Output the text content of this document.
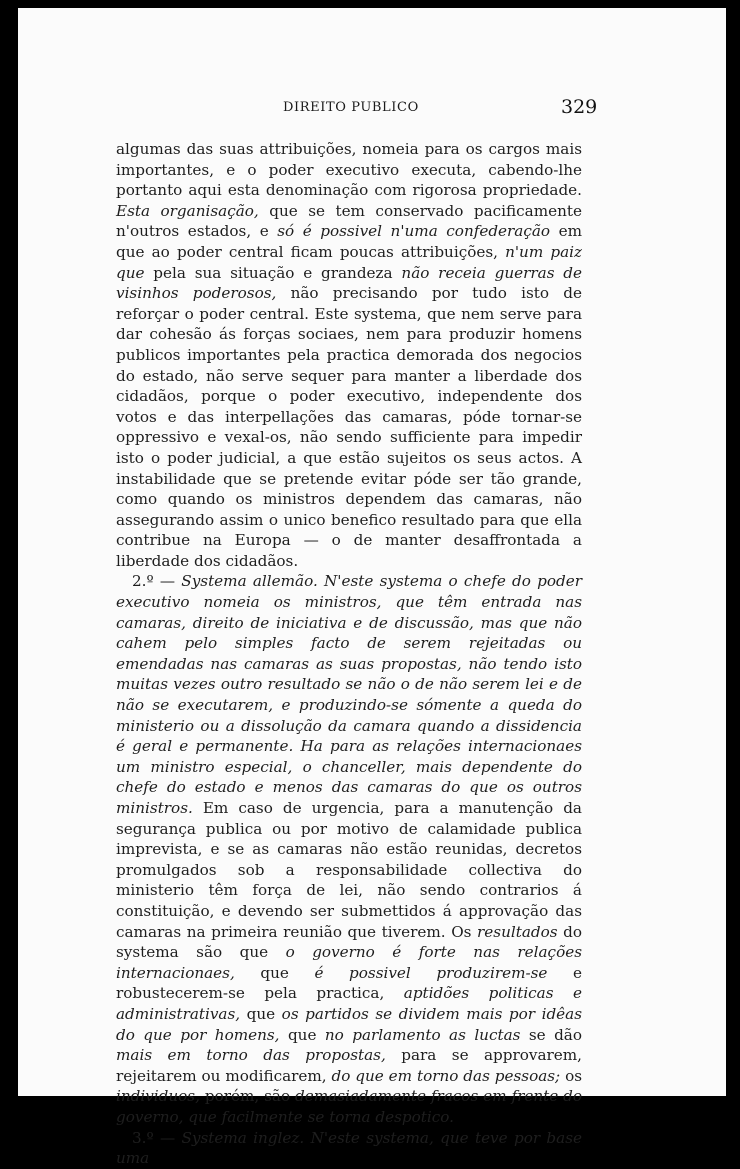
DIREITO PUBLICO	329

algumas das suas attribuições, nomeia para os cargos mais importantes, e o poder executivo executa, cabendo-lhe portanto aqui esta denominação com rigorosa propriedade. Esta organisação, que se tem conservado pacificamente n'outros estados, e só é possivel n'uma confederação em que ao poder central ficam poucas attribuições, n'um paiz que pela sua situação e grandeza não receia guerras de visinhos poderosos, não precisando por tudo isto de reforçar o poder central. Este systema, que nem serve para dar cohesão ás forças sociaes, nem para produzir homens publicos importantes pela practica demorada dos negocios do estado, não serve sequer para manter a liberdade dos cidadãos, porque o poder executivo, independente dos votos e das interpellações das camaras, póde tornar-se oppressivo e vexal-os, não sendo sufficiente para impedir isto o poder judicial, a que estão sujeitos os seus actos. A instabilidade que se pretende evitar póde ser tão grande, como quando os ministros dependem das camaras, não assegurando assim o unico benefico resultado para que ella contribue na Europa — o de manter desaffrontada a liberdade dos cidadãos.

2.º — Systema allemão. N'este systema o chefe do poder executivo nomeia os ministros, que têm entrada nas camaras, direito de iniciativa e de discussão, mas que não cahem pelo simples facto de serem rejeitadas ou emendadas nas camaras as suas propostas, não tendo isto muitas vezes outro resultado se não o de não serem lei e de não se executarem, e produzindo-se sómente a queda do ministerio ou a dissolução da camara quando a dissidencia é geral e permanente. Ha para as relações internacionaes um ministro especial, o chanceller, mais dependente do chefe do estado e menos das camaras do que os outros ministros. Em caso de urgencia, para a manutenção da segurança publica ou por motivo de calamidade publica imprevista, e se as camaras não estão reunidas, decretos promulgados sob a responsabilidade collectiva do ministerio têm força de lei, não sendo contrarios á constituição, e devendo ser submettidos á approvação das camaras na primeira reunião que tiverem. Os resultados do systema são que o governo é forte nas relações internacionaes, que é possivel produzirem-se e robustecerem-se pela practica, aptidões politicas e administrativas, que os partidos se dividem mais por idêas do que por homens, que no parlamento as luctas se dão mais em torno das propostas, para se approvarem, rejeitarem ou modificarem, do que em torno das pessoas; os individuos, porém, são demasiadamente fracos em frente do governo, que facilmente se torna despotico.

3.º — Systema inglez. N'este systema, que teve por base uma
